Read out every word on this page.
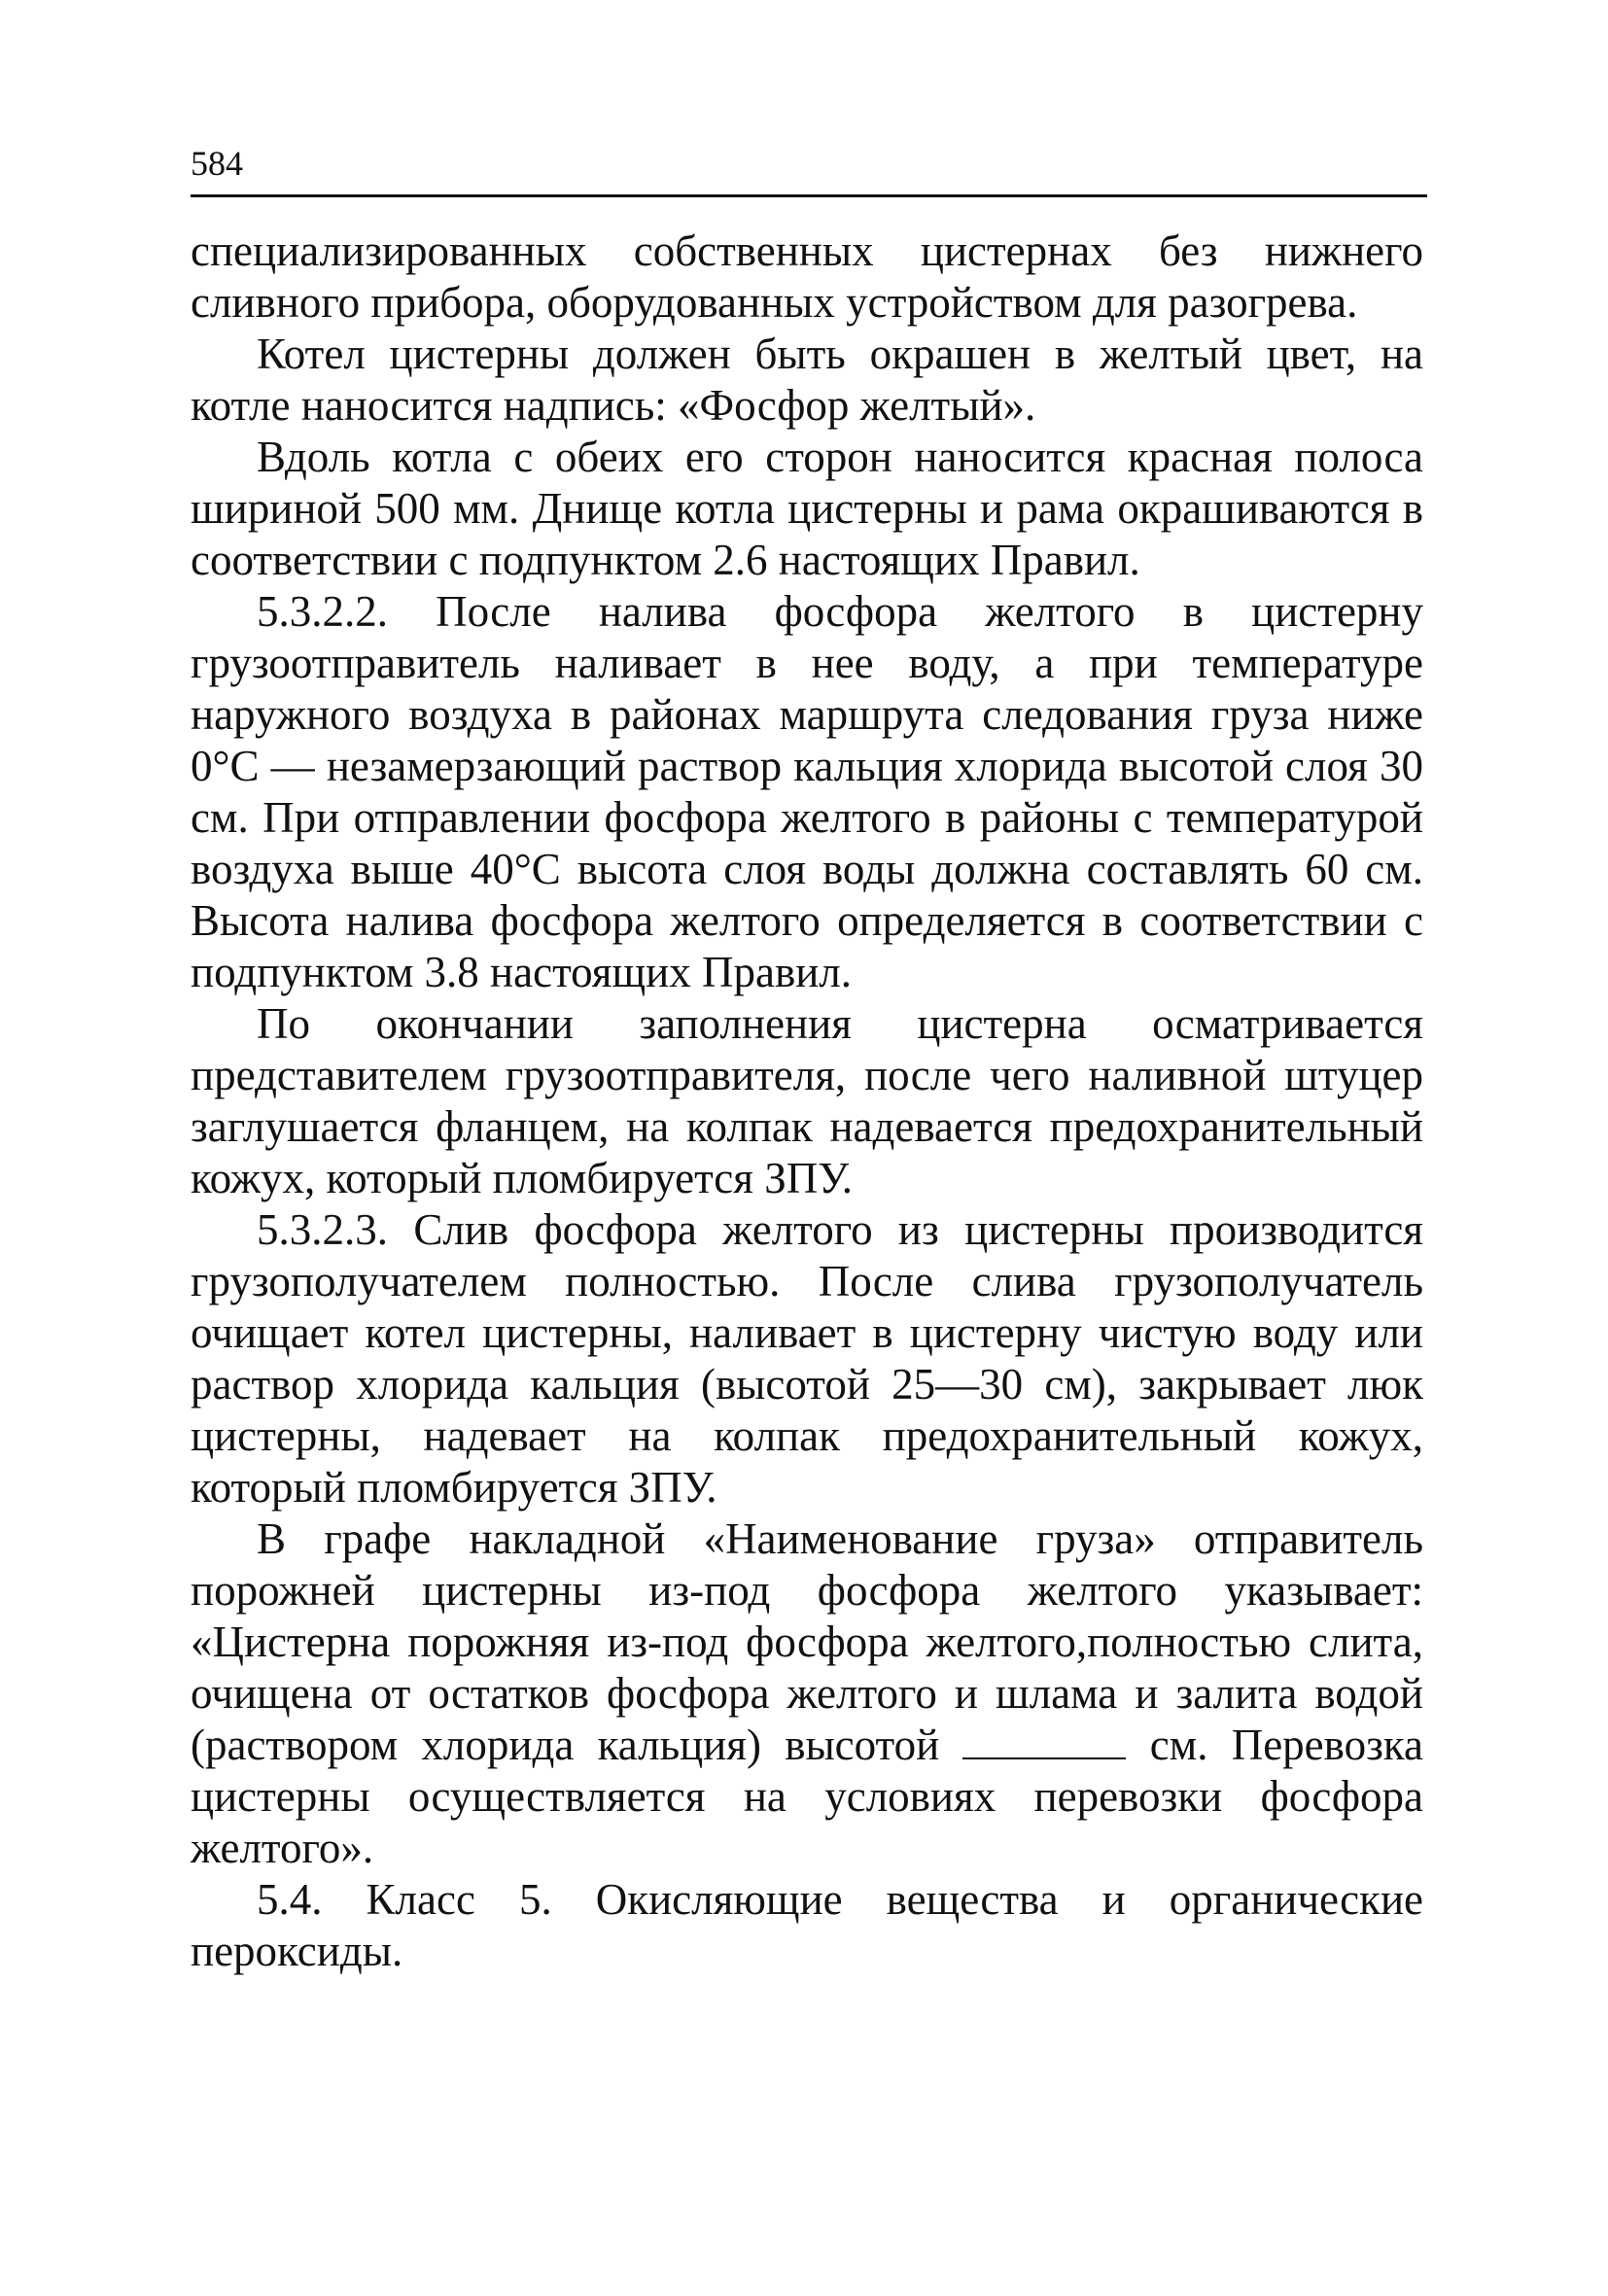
584

специализированных собственных цистернах без нижнего сливного прибора, оборудованных устройством для разогрева.

Котел цистерны должен быть окрашен в желтый цвет, на котле наносится надпись: «Фосфор желтый».

Вдоль котла с обеих его сторон наносится красная полоса шириной 500 мм. Днище котла цистерны и рама окрашиваются в соответствии с подпунктом 2.6 настоящих Правил.

5.3.2.2. После налива фосфора желтого в цистерну грузоотправитель наливает в нее воду, а при температуре наружного воздуха в районах маршрута следования груза ниже 0°С — незамерзающий раствор кальция хлорида высотой слоя 30 см. При отправлении фосфора желтого в районы с температурой воздуха выше 40°С высота слоя воды должна составлять 60 см. Высота налива фосфора желтого определяется в соответствии с подпунктом 3.8 настоящих Правил.

По окончании заполнения цистерна осматривается представителем грузоотправителя, после чего наливной штуцер заглушается фланцем, на колпак надевается предохранительный кожух, который пломбируется ЗПУ.

5.3.2.3. Слив фосфора желтого из цистерны производится грузополучателем полностью. После слива грузополучатель очищает котел цистерны, наливает в цистерну чистую воду или раствор хлорида кальция (высотой 25—30 см), закрывает люк цистерны, надевает на колпак предохранительный кожух, который пломбируется ЗПУ.

В графе накладной «Наименование груза» отправитель порожней цистерны из-под фосфора желтого указывает: «Цистерна порожняя из-под фосфора желтого,полностью слита, очищена от остатков фосфора желтого и шлама и залита водой (раствором хлорида кальция) высотой	см. Перевозка цистерны осуществляется на условиях перевозки фосфора желтого».

5.4. Класс 5. Окисляющие вещества и органические пероксиды.
